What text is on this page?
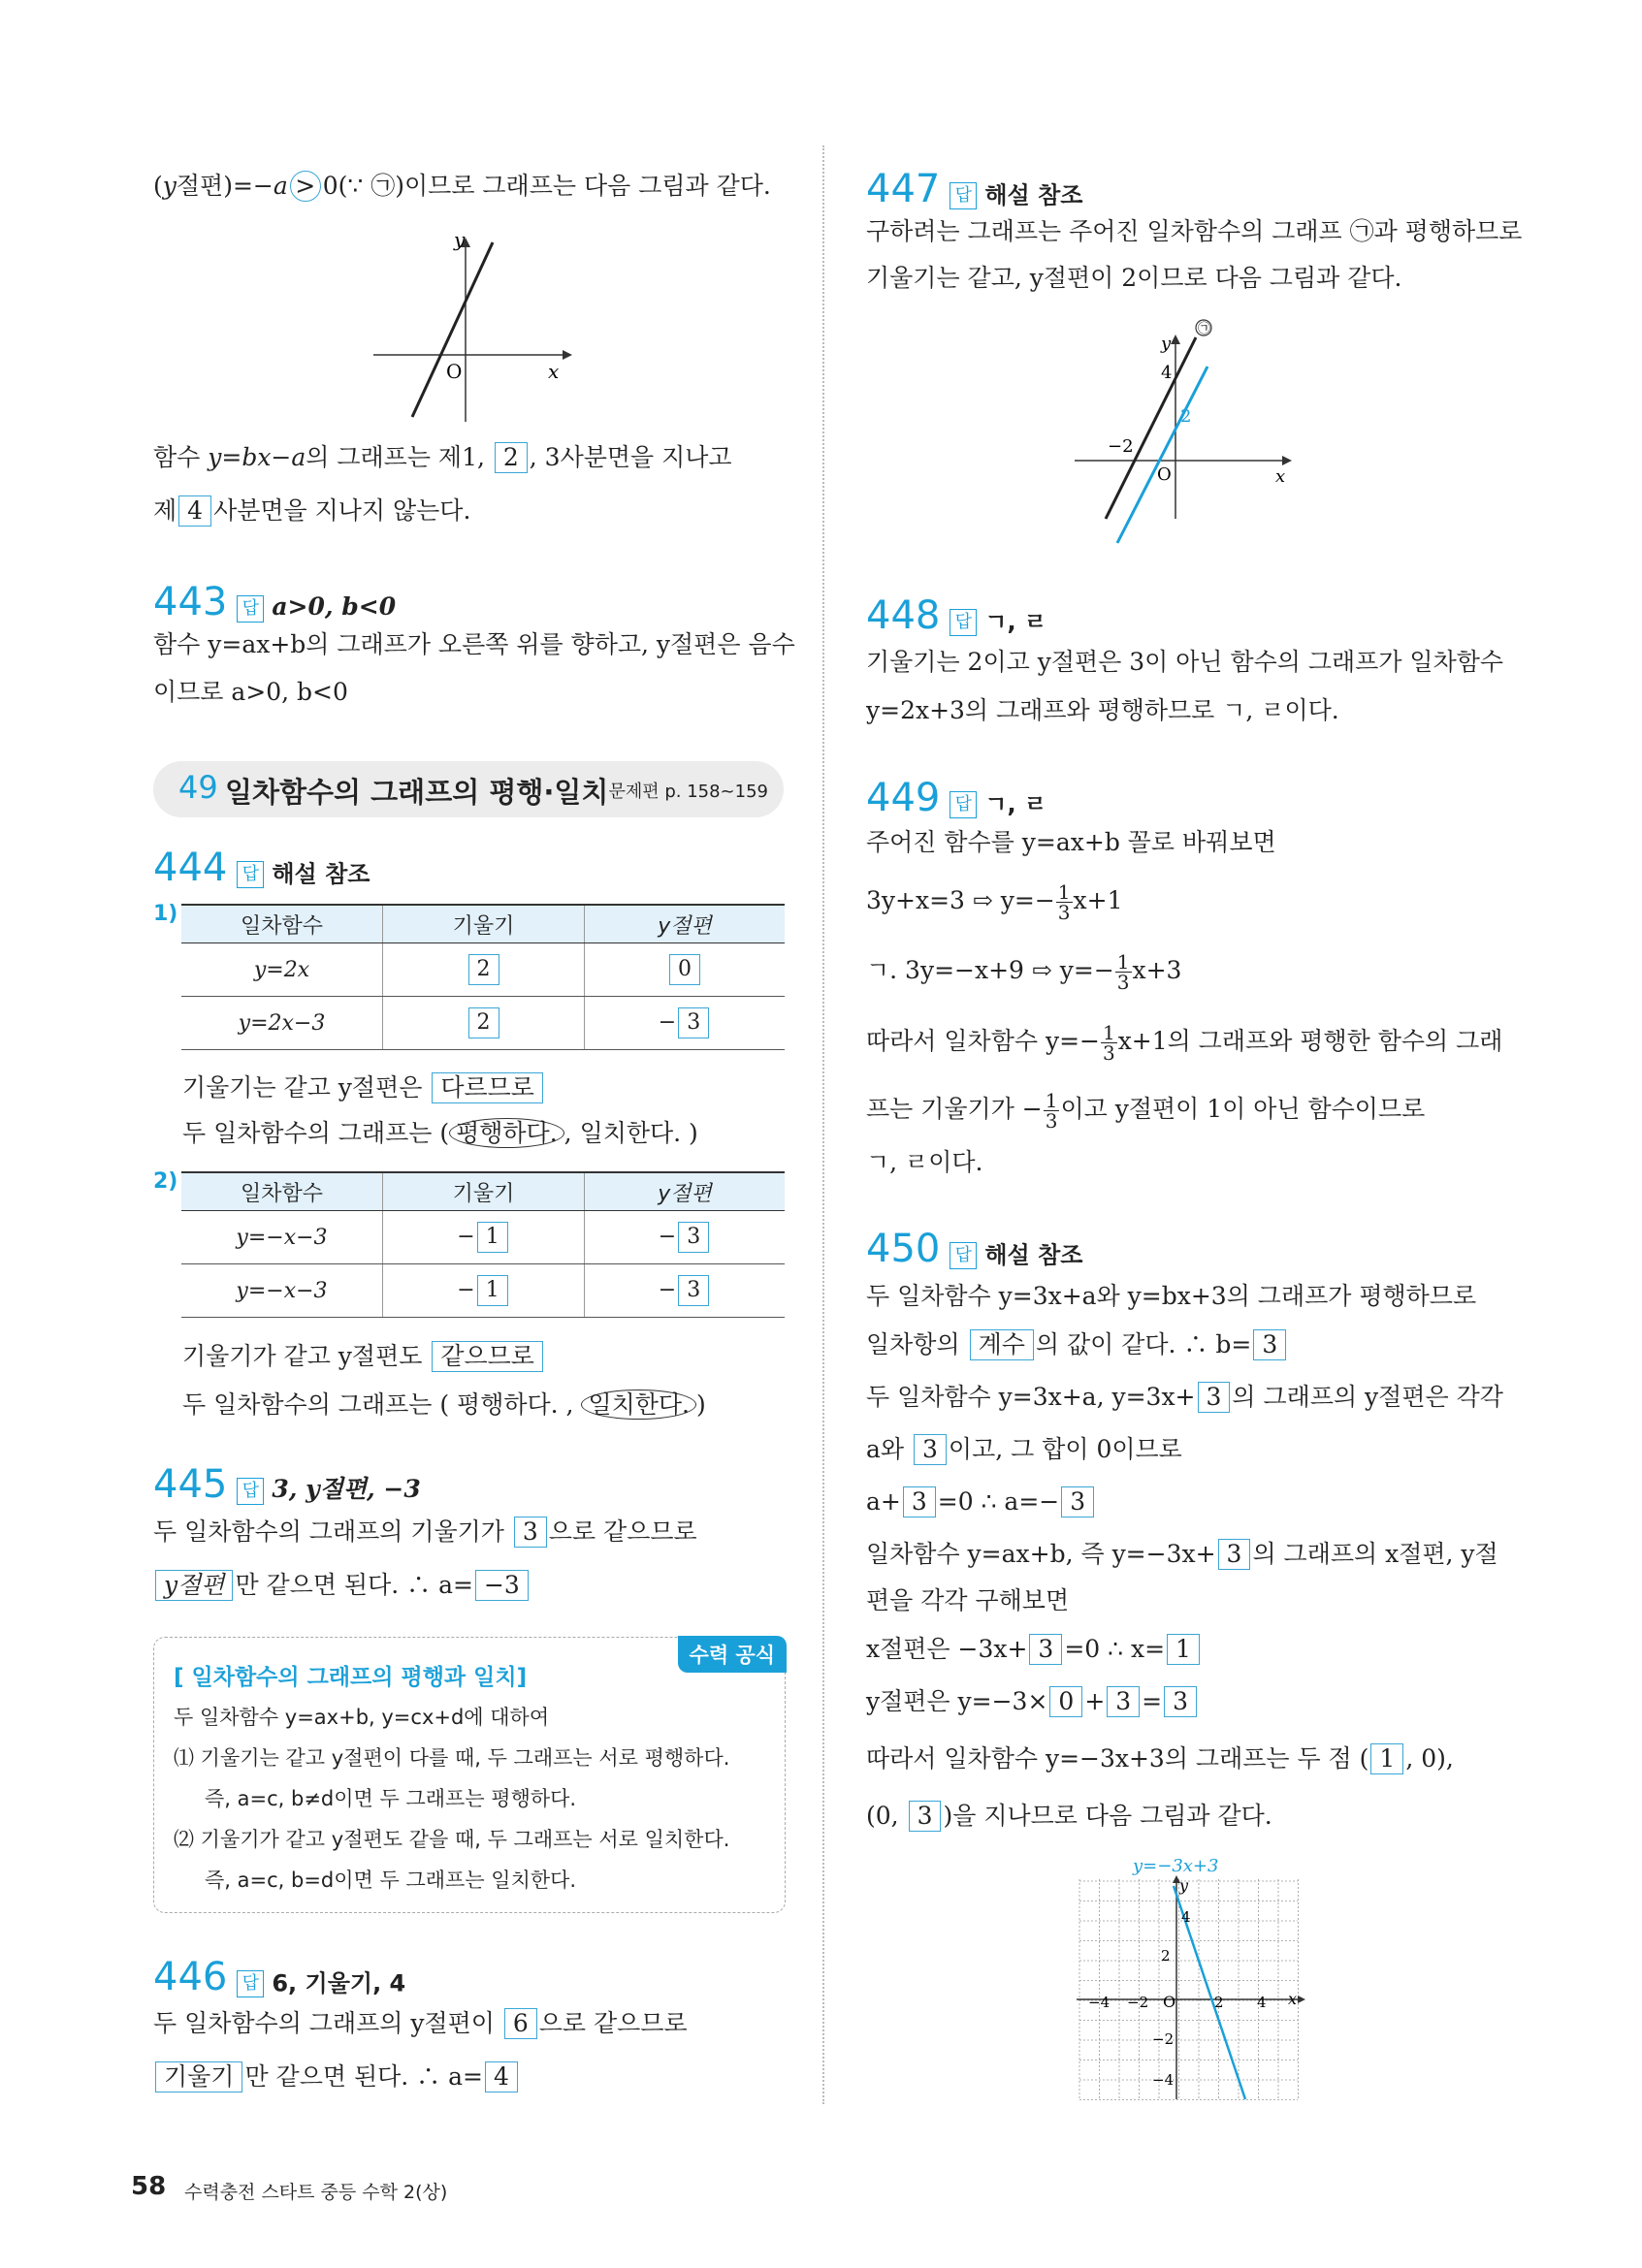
(y절편)=−a > 0(∵ ㉠)이므로 그래프는 다음 그림과 같다.
y
x
O
함수 y=bx−a의 그래프는 제1, 2 , 3사분면을 지나고
제 4 사분면을 지나지 않는다.
443 답 a>0, b<0
함수 y=ax+b의 그래프가 오른쪽 위를 향하고, y절편은 음수
이므로 a>0, b<0
49 일차함수의 그래프의 평행·일치 문제편 p. 158~159
444 답 해설 참조
1)	일차함수	기울기	y절편
y=2x	2	0
y=2x−3	2	− 3
기울기는 같고 y절편은 다르므로
두 일차함수의 그래프는 ( 평행하다. , 일치한다. )
2)	일차함수	기울기	y절편
y=−x−3	− 1	− 3
y=−x−3	− 1	− 3
기울기가 같고 y절편도 같으므로
두 일차함수의 그래프는 ( 평행하다. , 일치한다. )
445 답 3, y절편, −3
두 일차함수의 그래프의 기울기가 3 으로 같으므로
y절편 만 같으면 된다. ∴ a= −3
수력 공식
[ 일차함수의 그래프의 평행과 일치]
두 일차함수 y=ax+b, y=cx+d에 대하여
⑴ 기울기는 같고 y절편이 다를 때, 두 그래프는 서로 평행하다.
즉, a=c, b≠d이면 두 그래프는 평행하다.
⑵ 기울기가 같고 y절편도 같을 때, 두 그래프는 서로 일치한다.
즉, a=c, b=d이면 두 그래프는 일치한다.
446 답 6, 기울기, 4
두 일차함수의 그래프의 y절편이 6 으로 같으므로
기울기 만 같으면 된다. ∴ a= 4
447 답 해설 참조
구하려는 그래프는 주어진 일차함수의 그래프 ㉠과 평행하므로
기울기는 같고, y절편이 2이므로 다음 그림과 같다.
㉠
y
x
4
−2
2
O
448 답 ㄱ, ㄹ
기울기는 2이고 y절편은 3이 아닌 함수의 그래프가 일차함수
y=2x+3의 그래프와 평행하므로 ㄱ, ㄹ이다.
449 답 ㄱ, ㄹ
주어진 함수를 y=ax+b 꼴로 바꿔보면
3y+x=3 ⇨ $y=- \frac{1}{3} x+1$
ㄱ. 3y=−x+9 ⇨ $y=- \frac{1}{3} x+3$
따라서 일차함수 $y=- \frac{1}{3} x+1$의 그래프와 평행한 함수의 그래
프는 기울기가 − $\frac{1}{3}$ 이고 y절편이 1이 아닌 함수이므로
ㄱ, ㄹ이다.
450 답 해설 참조
두 일차함수 y=3x+a와 y=bx+3의 그래프가 평행하므로
일차항의 계수 의 값이 같다. ∴ b= 3
두 일차함수 y=3x+a, y=3x+ 3 의 그래프의 y절편은 각각
a와 3 이고, 그 합이 0이므로
a+ 3 =0 ∴ a=− 3
일차함수 y=ax+b, 즉 y=−3x+ 3 의 그래프의 x절편, y절
편을 각각 구해보면
x절편은 −3x+ 3 =0 ∴ x= 1
y절편은 y=−3× 0 + 3 = 3
따라서 일차함수 y=−3x+3의 그래프는 두 점 ( 1 , 0),
(0, 3 )을 지나므로 다음 그림과 같다.
y=−3x+3
y
x
O
−4 −2	2 4
4
2
−2
−4
58 수력충전 스타트 중등 수학 2(상)
